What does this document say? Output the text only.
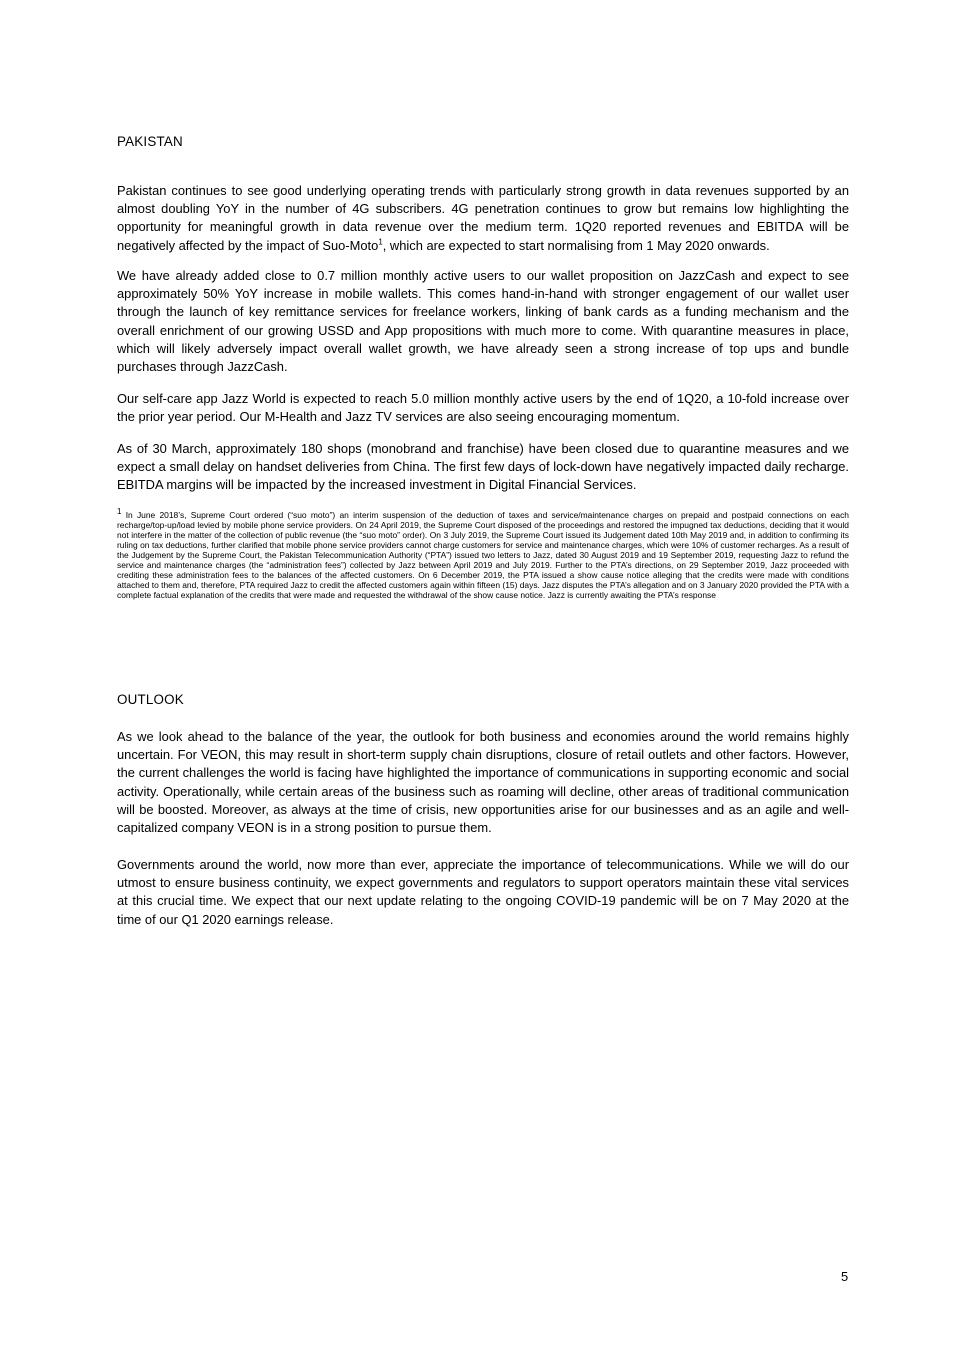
PAKISTAN

Pakistan continues to see good underlying operating trends with particularly strong growth in data revenues supported by an almost doubling YoY in the number of 4G subscribers. 4G penetration continues to grow but remains low highlighting the opportunity for meaningful growth in data revenue over the medium term. 1Q20 reported revenues and EBITDA will be negatively affected by the impact of Suo-Moto$^1$, which are expected to start normalising from 1 May 2020 onwards.

We have already added close to 0.7 million monthly active users to our wallet proposition on JazzCash and expect to see approximately 50% YoY increase in mobile wallets. This comes hand-in-hand with stronger engagement of our wallet user through the launch of key remittance services for freelance workers, linking of bank cards as a funding mechanism and the overall enrichment of our growing USSD and App propositions with much more to come. With quarantine measures in place, which will likely adversely impact overall wallet growth, we have already seen a strong increase of top ups and bundle purchases through JazzCash.

Our self-care app Jazz World is expected to reach 5.0 million monthly active users by the end of 1Q20, a 10-fold increase over the prior year period. Our M-Health and Jazz TV services are also seeing encouraging momentum.

As of 30 March, approximately 180 shops (monobrand and franchise) have been closed due to quarantine measures and we expect a small delay on handset deliveries from China. The first few days of lock-down have negatively impacted daily recharge. EBITDA margins will be impacted by the increased investment in Digital Financial Services.

$^1$ In June 2018’s, Supreme Court ordered (“suo moto”) an interim suspension of the deduction of taxes and service/maintenance charges on prepaid and postpaid connections on each recharge/top-up/load levied by mobile phone service providers. On 24 April 2019, the Supreme Court disposed of the proceedings and restored the impugned tax deductions, deciding that it would not interfere in the matter of the collection of public revenue (the “suo moto” order). On 3 July 2019, the Supreme Court issued its Judgement dated 10th May 2019 and, in addition to confirming its ruling on tax deductions, further clarified that mobile phone service providers cannot charge customers for service and maintenance charges, which were 10% of customer recharges. As a result of the Judgement by the Supreme Court, the Pakistan Telecommunication Authority (“PTA”) issued two letters to Jazz, dated 30 August 2019 and 19 September 2019, requesting Jazz to refund the service and maintenance charges (the “administration fees”) collected by Jazz between April 2019 and July 2019. Further to the PTA’s directions, on 29 September 2019, Jazz proceeded with crediting these administration fees to the balances of the affected customers. On 6 December 2019, the PTA issued a show cause notice alleging that the credits were made with conditions attached to them and, therefore, PTA required Jazz to credit the affected customers again within fifteen (15) days. Jazz disputes the PTA’s allegation and on 3 January 2020 provided the PTA with a complete factual explanation of the credits that were made and requested the withdrawal of the show cause notice. Jazz is currently awaiting the PTA’s response

OUTLOOK

As we look ahead to the balance of the year, the outlook for both business and economies around the world remains highly uncertain. For VEON, this may result in short-term supply chain disruptions, closure of retail outlets and other factors. However, the current challenges the world is facing have highlighted the importance of communications in supporting economic and social activity. Operationally, while certain areas of the business such as roaming will decline, other areas of traditional communication will be boosted. Moreover, as always at the time of crisis, new opportunities arise for our businesses and as an agile and well-capitalized company VEON is in a strong position to pursue them.

Governments around the world, now more than ever, appreciate the importance of telecommunications. While we will do our utmost to ensure business continuity, we expect governments and regulators to support operators maintain these vital services at this crucial time. We expect that our next update relating to the ongoing COVID-19 pandemic will be on 7 May 2020 at the time of our Q1 2020 earnings release.

5
